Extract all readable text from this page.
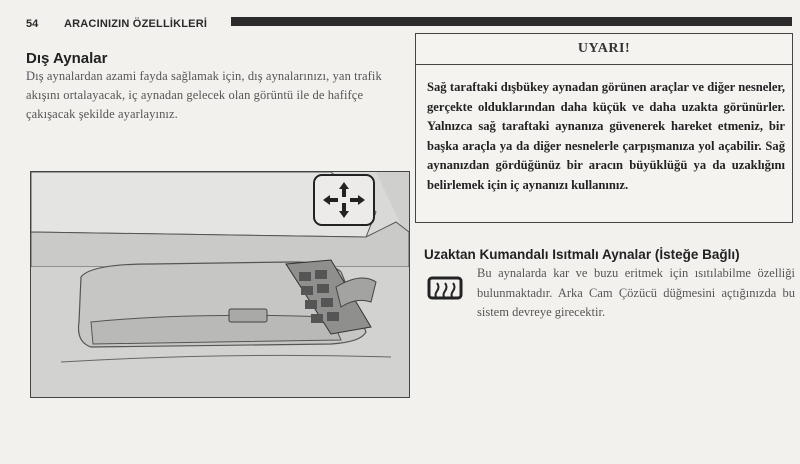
54 ARACINIZIN ÖZELLİKLERİ
Dış Aynalar
Dış aynalardan azami fayda sağlamak için, dış aynalarınızı, yan trafik akışını ortalayacak, iç aynadan gelecek olan görüntü ile de hafifçe çakışacak şekilde ayarlayınız.
UYARI!
Sağ taraftaki dışbükey aynadan görünen araçlar ve diğer nesneler, gerçekte olduklarından daha küçük ve daha uzakta görünürler. Yalnızca sağ taraftaki aynanıza güvenerek hareket etmeniz, bir başka araçla ya da diğer nesnelerle çarpışmanıza yol açabilir. Sağ aynanızdan gördüğünüz bir aracın büyüklüğü ya da uzaklığını belirlemek için iç aynanızı kullanınız.
Uzaktan Kumandalı Isıtmalı Aynalar (İsteğe Bağlı)
Bu aynalarda kar ve buzu eritmek için ısıtılabilme özelliği bulunmaktadır. Arka Cam Çözücü düğmesini açtığınızda bu sistem devreye girecektir.
